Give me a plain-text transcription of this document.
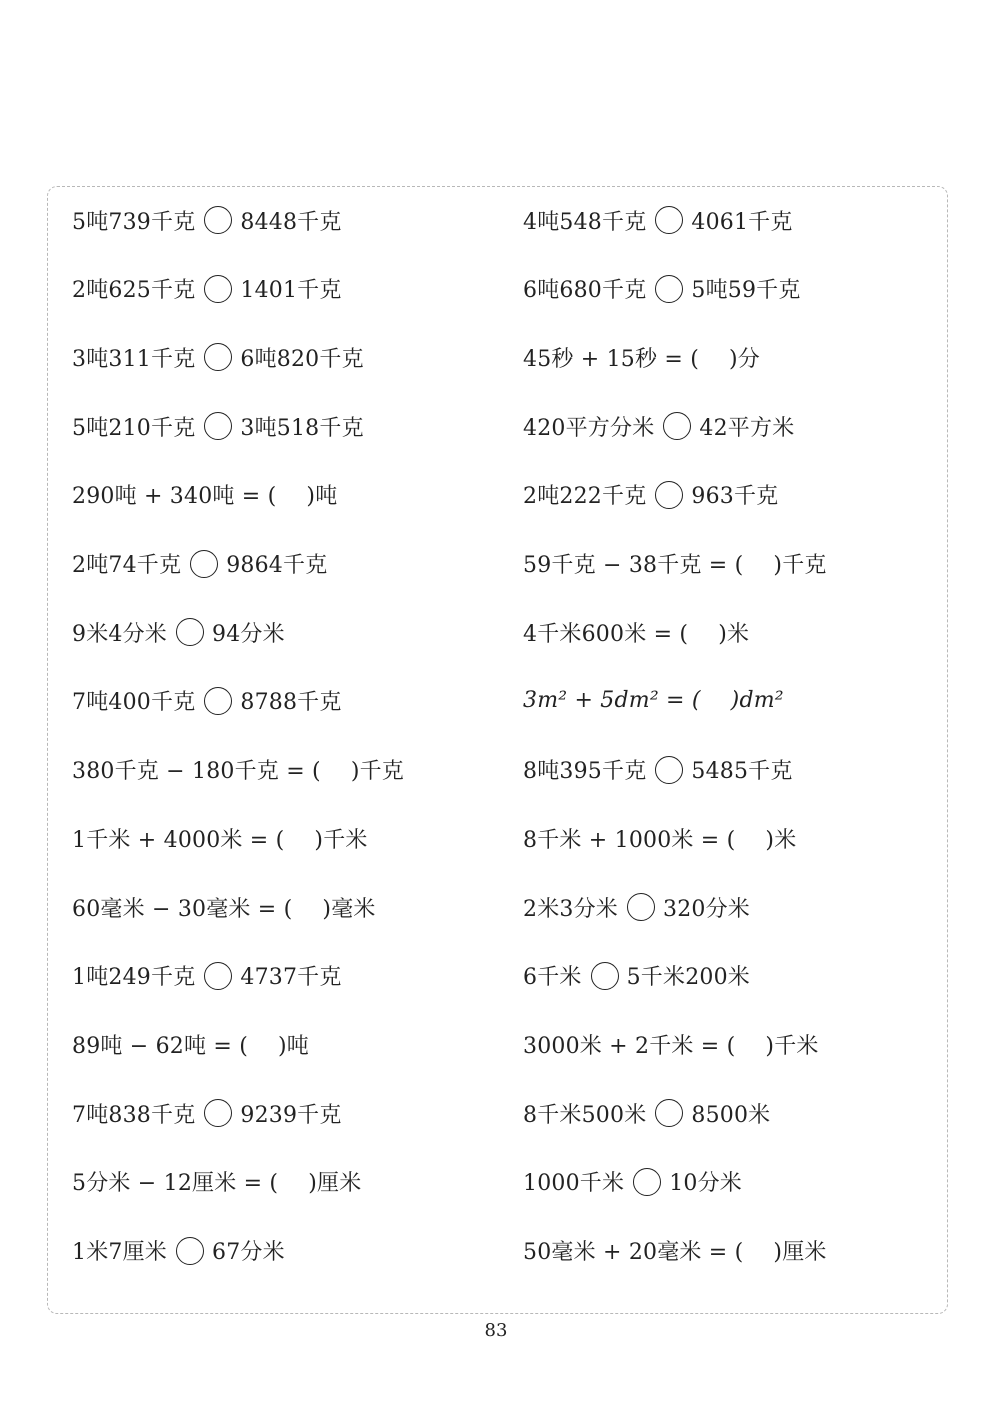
5吨739千克 8448千克
2吨625千克 1401千克
3吨311千克 6吨820千克
5吨210千克 3吨518千克
290吨 + 340吨 = ( )吨
2吨74千克 9864千克
9米4分米 94分米
7吨400千克 8788千克
380千克 − 180千克 = ( )千克
1千米 + 4000米 = ( )千米
60毫米 − 30毫米 = ( )毫米
1吨249千克 4737千克
89吨 − 62吨 = ( )吨
7吨838千克 9239千克
5分米 − 12厘米 = ( )厘米
1米7厘米 67分米
4吨548千克 4061千克
6吨680千克 5吨59千克
45秒 + 15秒 = ( )分
420平方分米 42平方米
2吨222千克 963千克
59千克 − 38千克 = ( )千克
4千米600米 = ( )米
3m² + 5dm² = ( )dm²
8吨395千克 5485千克
8千米 + 1000米 = ( )米
2米3分米 320分米
6千米 5千米200米
3000米 + 2千米 = ( )千米
8千米500米 8500米
1000千米 10分米
50毫米 + 20毫米 = ( )厘米
83
